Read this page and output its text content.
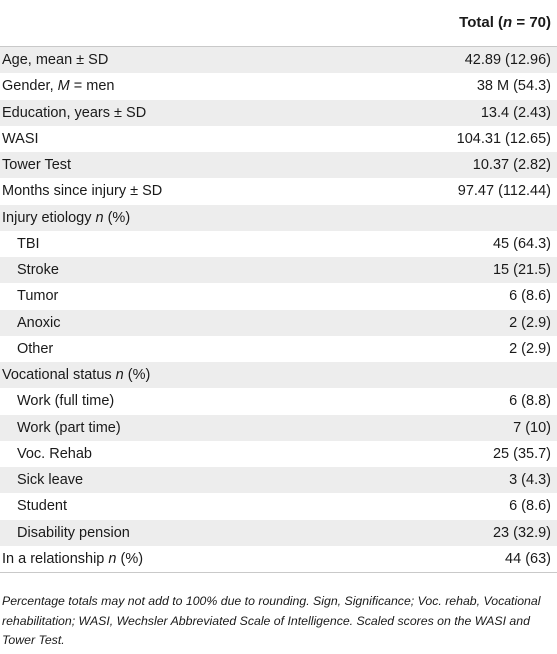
Total (n = 70)
Age, mean ± SD	42.89 (12.96)
Gender, M = men	38 M (54.3)
Education, years ± SD	13.4 (2.43)
WASI	104.31 (12.65)
Tower Test	10.37 (2.82)
Months since injury ± SD	97.47 (112.44)
Injury etiology n (%)
TBI	45 (64.3)
Stroke	15 (21.5)
Tumor	6 (8.6)
Anoxic	2 (2.9)
Other	2 (2.9)
Vocational status n (%)
Work (full time)	6 (8.8)
Work (part time)	7 (10)
Voc. Rehab	25 (35.7)
Sick leave	3 (4.3)
Student	6 (8.6)
Disability pension	23 (32.9)
In a relationship n (%)	44 (63)
Percentage totals may not add to 100% due to rounding. Sign, Significance; Voc. rehab, Vocational rehabilitation; WASI, Wechsler Abbreviated Scale of Intelligence. Scaled scores on the WASI and Tower Test.
